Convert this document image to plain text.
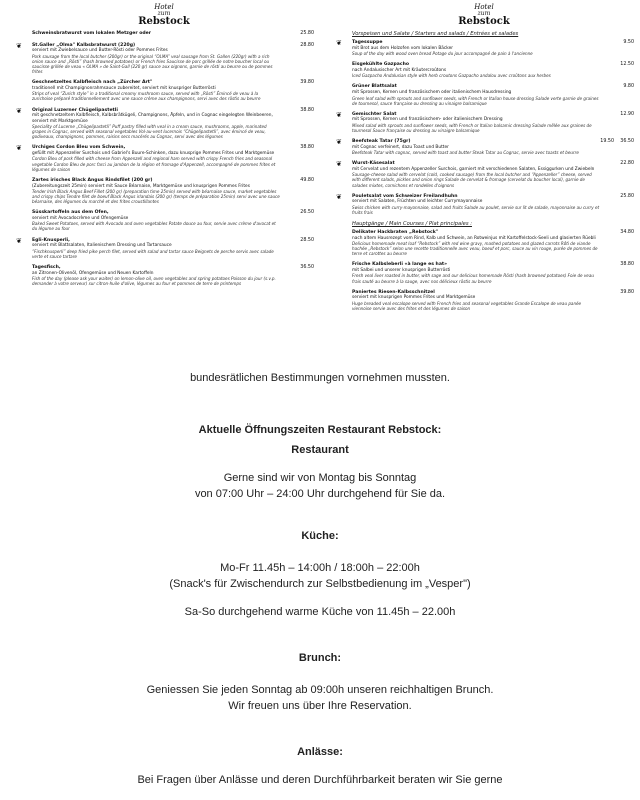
Hotel
zum
Rebstock
Schweinsbratwurst vom lokalen Metzger oder	25.80
❦ St.Galler „Olma" Kalbsbratwurst (220g)
serviert mit Zwiebelsauce und Butter-Rösti oder Pommes Frites
Pork sausage from the local butcher (200gr) or the original “OLMA” veal sausage from St. Gallen (220gr) with a rich onion sauce and „Rösti” (hash browned potatoes) or French fries Saucisse de porc grillée de notre boucher local ou saucisse grillée de veau « OLMA » de Saint-Gall (220 gr) sauce aux oignons, garnie de rösti au beurre ou de pommes frites
28.80
Geschnetzeltes Kalbfleisch nach „Zürcher Art"
traditionell mit Champignonrahmsauce zubereitet, serviert mit knuspriger Butterrösti
Strips of veal “Zurich style” in a traditional creamy mushroom sauce, served with „Rösti” Émincé de veau à la zurichoise préparé traditionnellement avec une sauce crème aux champignons, servi avec des röstis au beurre
39.80
❦ Original Luzerner Chügelipastetli
mit geschnetzeltem Kalbfleisch, Kalbsbrätkügeli, Champignons, Äpfeln, und in Cognac eingelegten Weinbeeren, serviert mit Marktgemüse
Speciality of Lucerne „Chügelipastetli” Puff pastry filled with veal in a cream sauce, mushrooms, apple, marinated grapes in Cognac, served with seasonal vegetables Vol-au-vent lucernois “Chügelipastetli”, avec émincé de veau, godiveaux, champignons, pommes, raisins secs macérés au Cognac, servi avec des légumes
38.80
❦ Urchiges Cordon Bleu vom Schwein,
gefüllt mit Appenzeller Surchois und Gabriel's Buure-Schinken, dazu knusprige Pommes Frites und Marktgemüse
Cordon Bleu of pork filled with cheese from Appenzell and regional ham served with crispy French fries and seasonal vegetable Cordon Bleu de porc farci au jambon de la région et fromage d'Appenzell, accompagné de pommes frites et légumes de saison
38.80
Zartes irisches Black Angus Rindsfilet (200 gr)
(Zubereitungszeit 25min) serviert mit Sauce Béarnaise, Marktgemüse und knusprigen Pommes Frites
Tender Irish Black Angus Beef Fillet (200 gr) (preparation time 25min) served with béarnaise sauce, market vegetables and crispy chips Tendre filet de boeuf Black Angus irlandais (200 gr) (temps de préparation 25min) servi avec une sauce béarnaise, des légumes du marché et des frites croustillantes
49.80
Süsskartoffeln aus dem Ofen,
serviert mit Avocadocrème und Ofengemüse
Baked Sweet Potatoes, served with Avocado and oven vegetables Patate douce au four, servie avec crème d'avocat et du légume au four
26.50
❦ Egli-Knusperli,
serviert mit Blattsalaten, Italienischem Dressing und Tartarsauce
“Fischknusperli” deep fried pike perch filet, served with salad and tartar sauce Beignets de perche servis avec salade verte et sauce tartare
28.50
Tagesfisch,
an Zitronen-Olivenöl, Ofengemüse und Neuen Kartoffeln
Fish of the day (please ask your waiter) on lemon-olive oil, oven vegetables and spring potatoes Poisson du jour (s.v.p. demander à votre serveur) sur citron-huile d'olive, légumes au four et pommes de terre de printemps
36.50
Hotel
zum
Rebstock
Vorspeisen und Salate / Starters and salads / Entrées et salades
❦ Tagessuppe
mit Brot aus dem Holzofen vom lokalen Bäcker
Soup of the day with wood oven bread Potage du jour accompagné de pain à l'ancienne
9.50
Eisgekühlte Gazpacho
nach Andalusischer Art mit Kräutercroûtons
Iced Gazpacho Andalusian style with herb croutons Gazpacho andalou avec croûtons aux herbes
12.50
Grüner Blattsalat
mit Sprossen, Kernen und französischem oder italienischem Hausdressing
Green leaf salad with sprouts and sunflower seeds, with French or Italian house dressing Salade verte garnie de graines de tournesol, sauce française ou dressing au vinaigre balsamique
9.80
❦ Gemischter Salat
mit Sprossen, Kernen und französischem- oder italienischem Dressing
Mixed salad with sprouts and sunflower seeds, with French or Italian balsamic dressing Salade mêlée aux graines de tournesol Sauce française ou dressing au vinaigre balsamique
12.90
❦ Beefsteak Tatar (75gr)
mit Cognac verfeinert, dazu Toast und Butter
Beefsteak Tatar with cognac, served with toast and butter Steak Tatar au Cognac, servie avec toasts et beurre
36.50
19.50
❦ Wurst-Käsesalat
mit Cervelat und rezentem Appenzeller Surchois, garniert mit verschiedenen Salaten, Essiggurken und Zwiebeln
Sausage-cheese salad with cervelat (cold, cooked sausage) from the local butcher and “Appenzeller” cheese, served with different salads, pickles and onion rings Salade de cervelat & fromage (cervelat du boucher local), garnie de salades mixtes, cornichons et rondelles d'oignons
22.80
❦ Pouletsalat vom Schweizer Freilandhuhn
serviert mit Salaten, Früchten und leichter Currymayonnaise
Swiss chicken with curry-mayonnaise, salad and fruits Salade au poulet, servie sur lit de salade, mayonnaise au curry et fruits frais
25.80
Hauptgänge / Main Courses / Plat principales :
Delikater Hackbraten „Rebstock"
nach altem Hausrezept vom Rind, Kalb und Schwein, an Rotweinjus mit Kartoffelstock-Seeli und glasierten Rüebli
Delicious homemade meat loaf “Rebstock” with red wine gravy, mashed potatoes and glazed carrots Rôti de viande hachée „Rebstock” selon une recette traditionnelle avec veau, boeuf et porc, sauce au vin rouge, purée de pommes de terre et carottes au beurre
34.80
Frische Kalbsleberli «à lange es hat»
mit Salbei und unserer knusprigen Butterrösti
Fresh veal liver roasted in butter, with sage and our delicious homemade Rösti (hash browned potatoes) Foie de veau frais sauté au beurre à la sauge, avec nos délicieux röstis au beurre
38.80
Paniertes Riesen-Kalbsschnitzel
serviert mit knusprigen Pommes Frites und Marktgemüse
Huge breaded veal escalope served with French fries and seasonal vegetables Grande Escalope de veau panée viennoise servie avec des frites et des légumes de saison
39.80
bundesrätlichen Bestimmungen vornehmen mussten.
Aktuelle Öffnungszeiten Restaurant Rebstock:
Restaurant
Gerne sind wir von Montag bis Sonntag
von 07:00 Uhr – 24:00 Uhr durchgehend für Sie da.
Küche:
Mo-Fr 11.45h – 14:00h / 18:00h – 22:00h
(Snack's für Zwischendurch zur Selbstbedienung im „Vesper")
Sa-So durchgehend warme Küche von 11.45h – 22.00h
Brunch:
Geniessen Sie jeden Sonntag ab 09:00h unseren reichhaltigen Brunch.
Wir freuen uns über Ihre Reservation.
Anlässe:
Bei Fragen über Anlässe und deren Durchführbarkeit beraten wir Sie gerne
